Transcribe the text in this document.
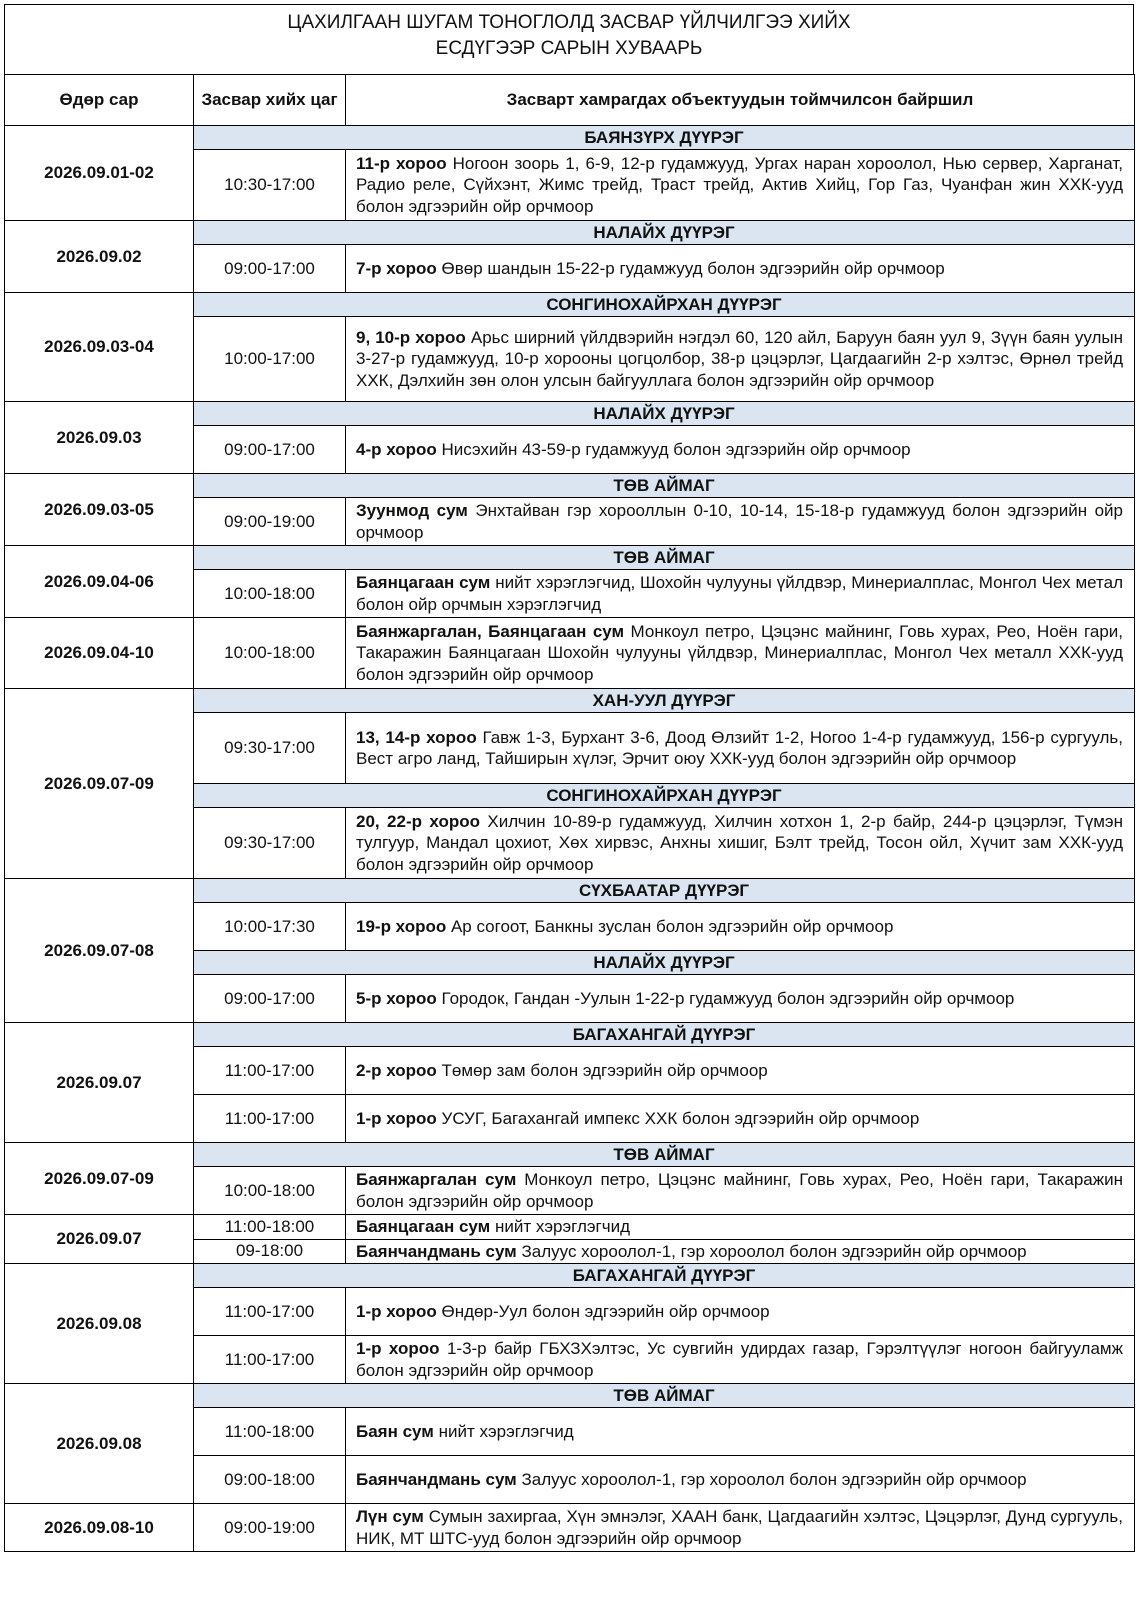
ЦАХИЛГААН ШУГАМ ТОНОГЛОЛД ЗАСВАР ҮЙЛЧИЛГЭЭ ХИЙХ
ЕСДҮГЭЭР САРЫН ХУВААРЬ
Өдөр сар	Засвар хийх цаг	Засварт хамрагдах объектуудын тоймчилсон байршил
2026.09.01-02	БАЯНЗҮРХ ДҮҮРЭГ	
	10:30-17:00	11-р хороо Ногоон зоорь 1, 6-9, 12-р гудамжууд, Ургах наран хороолол, Нью сервер, Харганат, Радио реле, Сүйхэнт, Жимс трейд, Траст трейд, Актив Хийц, Гор Газ, Чуанфан жин ХХК-ууд болон эдгээрийн ойр орчмоор
2026.09.02	НАЛАЙХ ДҮҮРЭГ	
	09:00-17:00	7-р хороо Өвөр шандын 15-22-р гудамжууд болон эдгээрийн ойр орчмоор
2026.09.03-04	СОНГИНОХАЙРХАН ДҮҮРЭГ	
	10:00-17:00	9, 10-р хороо Арьс ширний үйлдвэрийн нэгдэл 60, 120 айл, Баруун баян уул 9, Зүүн баян уулын 3-27-р гудамжууд, 10-р хорооны цогцолбор, 38-р цэцэрлэг, Цагдаагийн 2-р хэлтэс, Өрнөл трейд ХХК, Дэлхийн зөн олон улсын байгууллага болон эдгээрийн ойр орчмоор
2026.09.03	НАЛАЙХ ДҮҮРЭГ	
	09:00-17:00	4-р хороо Нисэхийн 43-59-р гудамжууд болон эдгээрийн ойр орчмоор
2026.09.03-05	ТӨВ АЙМАГ	
	09:00-19:00	Зуунмод сум Энхтайван гэр хорооллын 0-10, 10-14, 15-18-р гудамжууд болон эдгээрийн ойр орчмоор
2026.09.04-06	ТӨВ АЙМАГ	
	10:00-18:00	Баянцагаан сум нийт хэрэглэгчид, Шохойн чулууны үйлдвэр, Минериалплас, Монгол Чех метал болон ойр орчмын хэрэглэгчид
2026.09.04-10	10:00-18:00	Баянжаргалан, Баянцагаан сум Монкоул петро, Цэцэнс майнинг, Говь хурах, Рео, Ноён гари, Такаражин Баянцагаан Шохойн чулууны үйлдвэр, Минериалплас, Монгол Чех металл ХХК-ууд болон эдгээрийн ойр орчмоор
2026.09.07-09	ХАН-УУЛ ДҮҮРЭГ	
	09:30-17:00	13, 14-р хороо Гавж 1-3, Бурхант 3-6, Доод Өлзийт 1-2, Ногоо 1-4-р гудамжууд, 156-р сургууль, Вест агро ланд, Тайширын хүлэг, Эрчит оюу ХХК-ууд болон эдгээрийн ойр орчмоор
	СОНГИНОХАЙРХАН ДҮҮРЭГ	
	09:30-17:00	20, 22-р хороо Хилчин 10-89-р гудамжууд, Хилчин хотхон 1, 2-р байр, 244-р цэцэрлэг, Түмэн тулгуур, Мандал цохиот, Хөх хирвэс, Анхны хишиг, Бэлт трейд, Тосон ойл, Хүчит зам ХХК-ууд болон эдгээрийн ойр орчмоор
2026.09.07-08	СҮХБААТАР ДҮҮРЭГ	
	10:00-17:30	19-р хороо Ар согоот, Банкны зуслан болон эдгээрийн ойр орчмоор
	НАЛАЙХ ДҮҮРЭГ	
	09:00-17:00	5-р хороо Городок, Гандан -Уулын 1-22-р гудамжууд болон эдгээрийн ойр орчмоор
2026.09.07	БАГАХАНГАЙ ДҮҮРЭГ	
	11:00-17:00	2-р хороо Төмөр зам болон эдгээрийн ойр орчмоор
	11:00-17:00	1-р хороо УСУГ, Багахангай импекс ХХК болон эдгээрийн ойр орчмоор
2026.09.07-09	ТӨВ АЙМАГ	
	10:00-18:00	Баянжаргалан сум Монкоул петро, Цэцэнс майнинг, Говь хурах, Рео, Ноён гари, Такаражин болон эдгээрийн ойр орчмоор
2026.09.07	11:00-18:00	Баянцагаан сум нийт хэрэглэгчид
	09-18:00	Баянчандмань сум Залуус хороолол-1, гэр хороолол болон эдгээрийн ойр орчмоор
2026.09.08	БАГАХАНГАЙ ДҮҮРЭГ	
	11:00-17:00	1-р хороо Өндөр-Уул болон эдгээрийн ойр орчмоор
	11:00-17:00	1-р хороо 1-3-р байр ГБХЗХэлтэс, Ус сувгийн удирдах газар, Гэрэлтүүлэг ногоон байгууламж болон эдгээрийн ойр орчмоор
2026.09.08	ТӨВ АЙМАГ	
	11:00-18:00	Баян сум нийт хэрэглэгчид
	09:00-18:00	Баянчандмань сум Залуус хороолол-1, гэр хороолол болон эдгээрийн ойр орчмоор
2026.09.08-10	09:00-19:00	Лүн сум Сумын захиргаа, Хүн эмнэлэг, ХААН банк, Цагдаагийн хэлтэс, Цэцэрлэг, Дунд сургууль, НИК, МТ ШТС-ууд болон эдгээрийн ойр орчмоор
